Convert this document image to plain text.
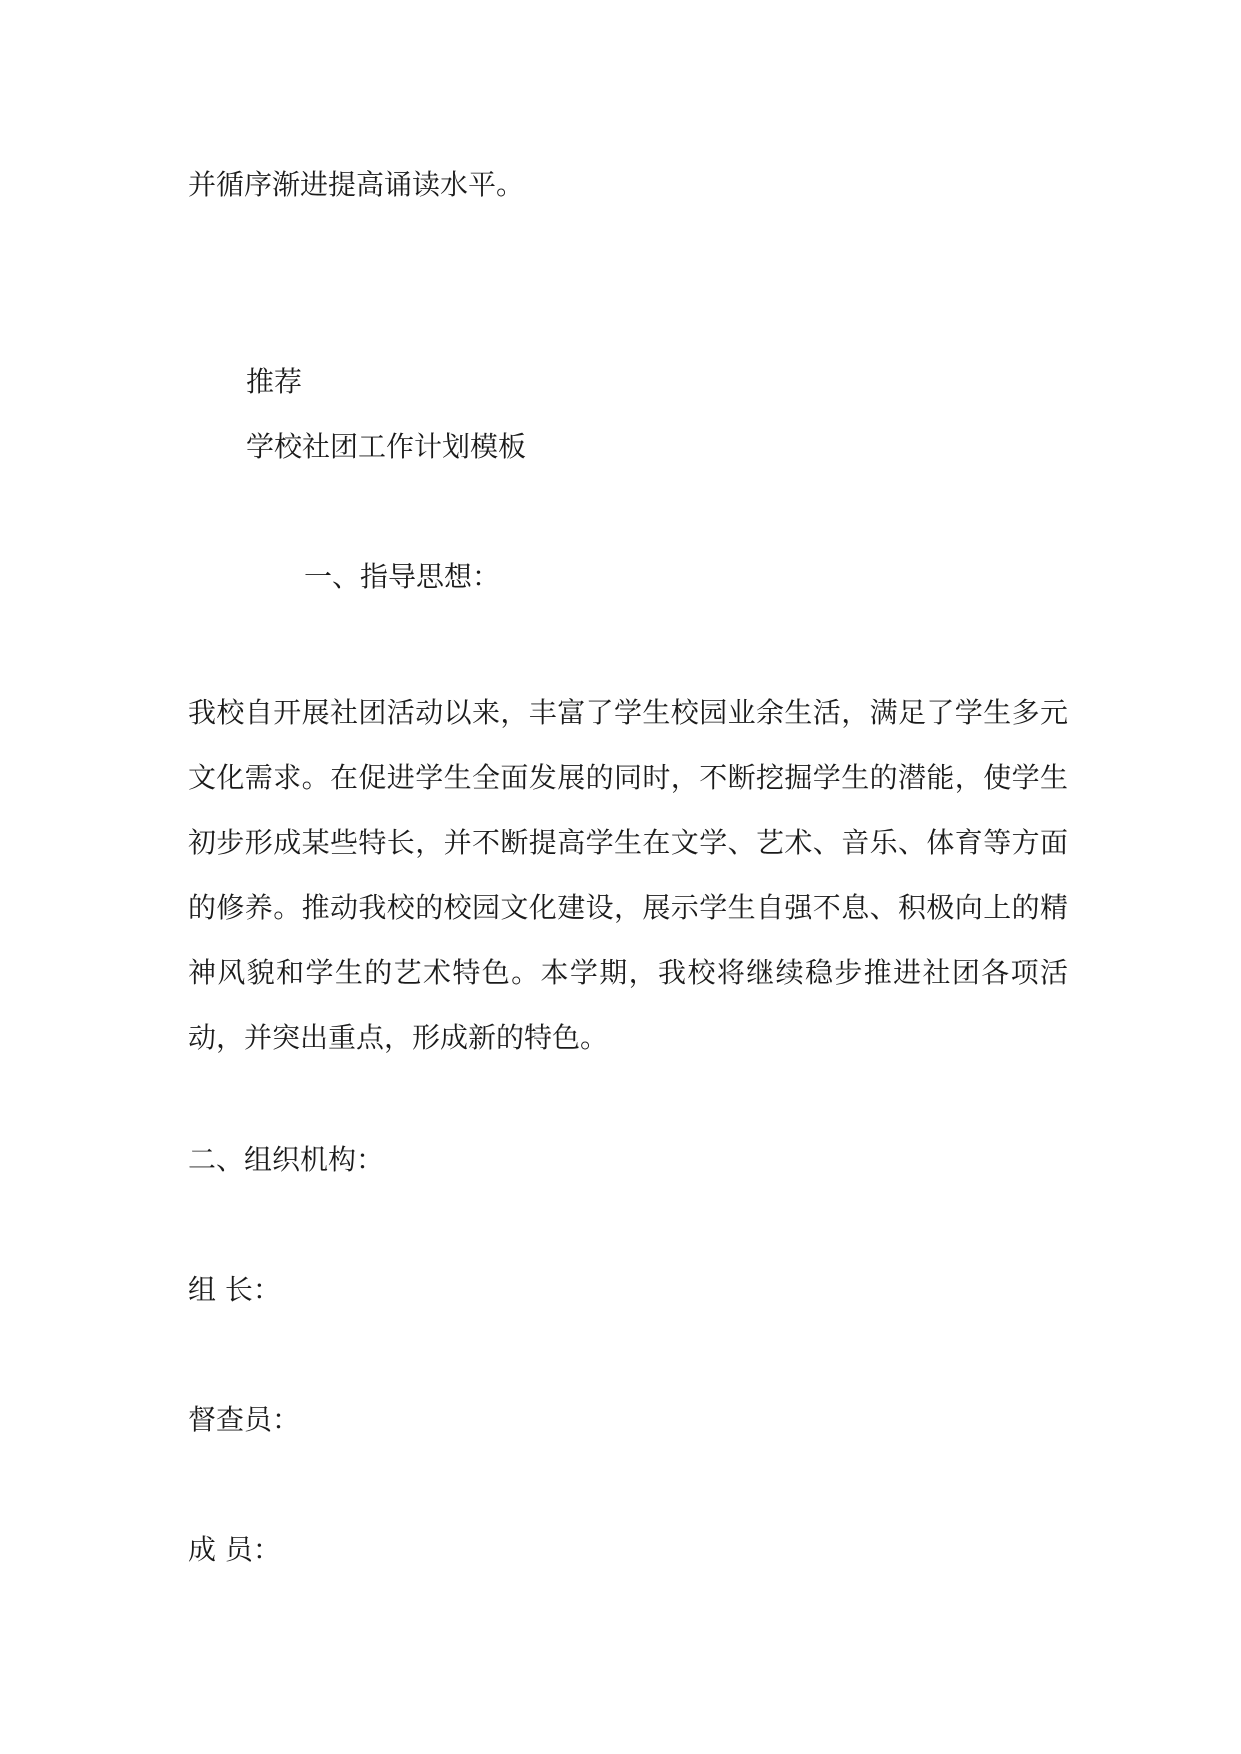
并循序渐进提高诵读水平。

推荐

学校社团工作计划模板

一、指导思想：

我校自开展社团活动以来，丰富了学生校园业余生活，满足了学生多元文化需求。在促进学生全面发展的同时，不断挖掘学生的潜能，使学生初步形成某些特长，并不断提高学生在文学、艺术、音乐、体育等方面的修养。推动我校的校园文化建设，展示学生自强不息、积极向上的精神风貌和学生的艺术特色。本学期，我校将继续稳步推进社团各项活动，并突出重点，形成新的特色。

二、组织机构：

组 长：

督查员：

成 员：
